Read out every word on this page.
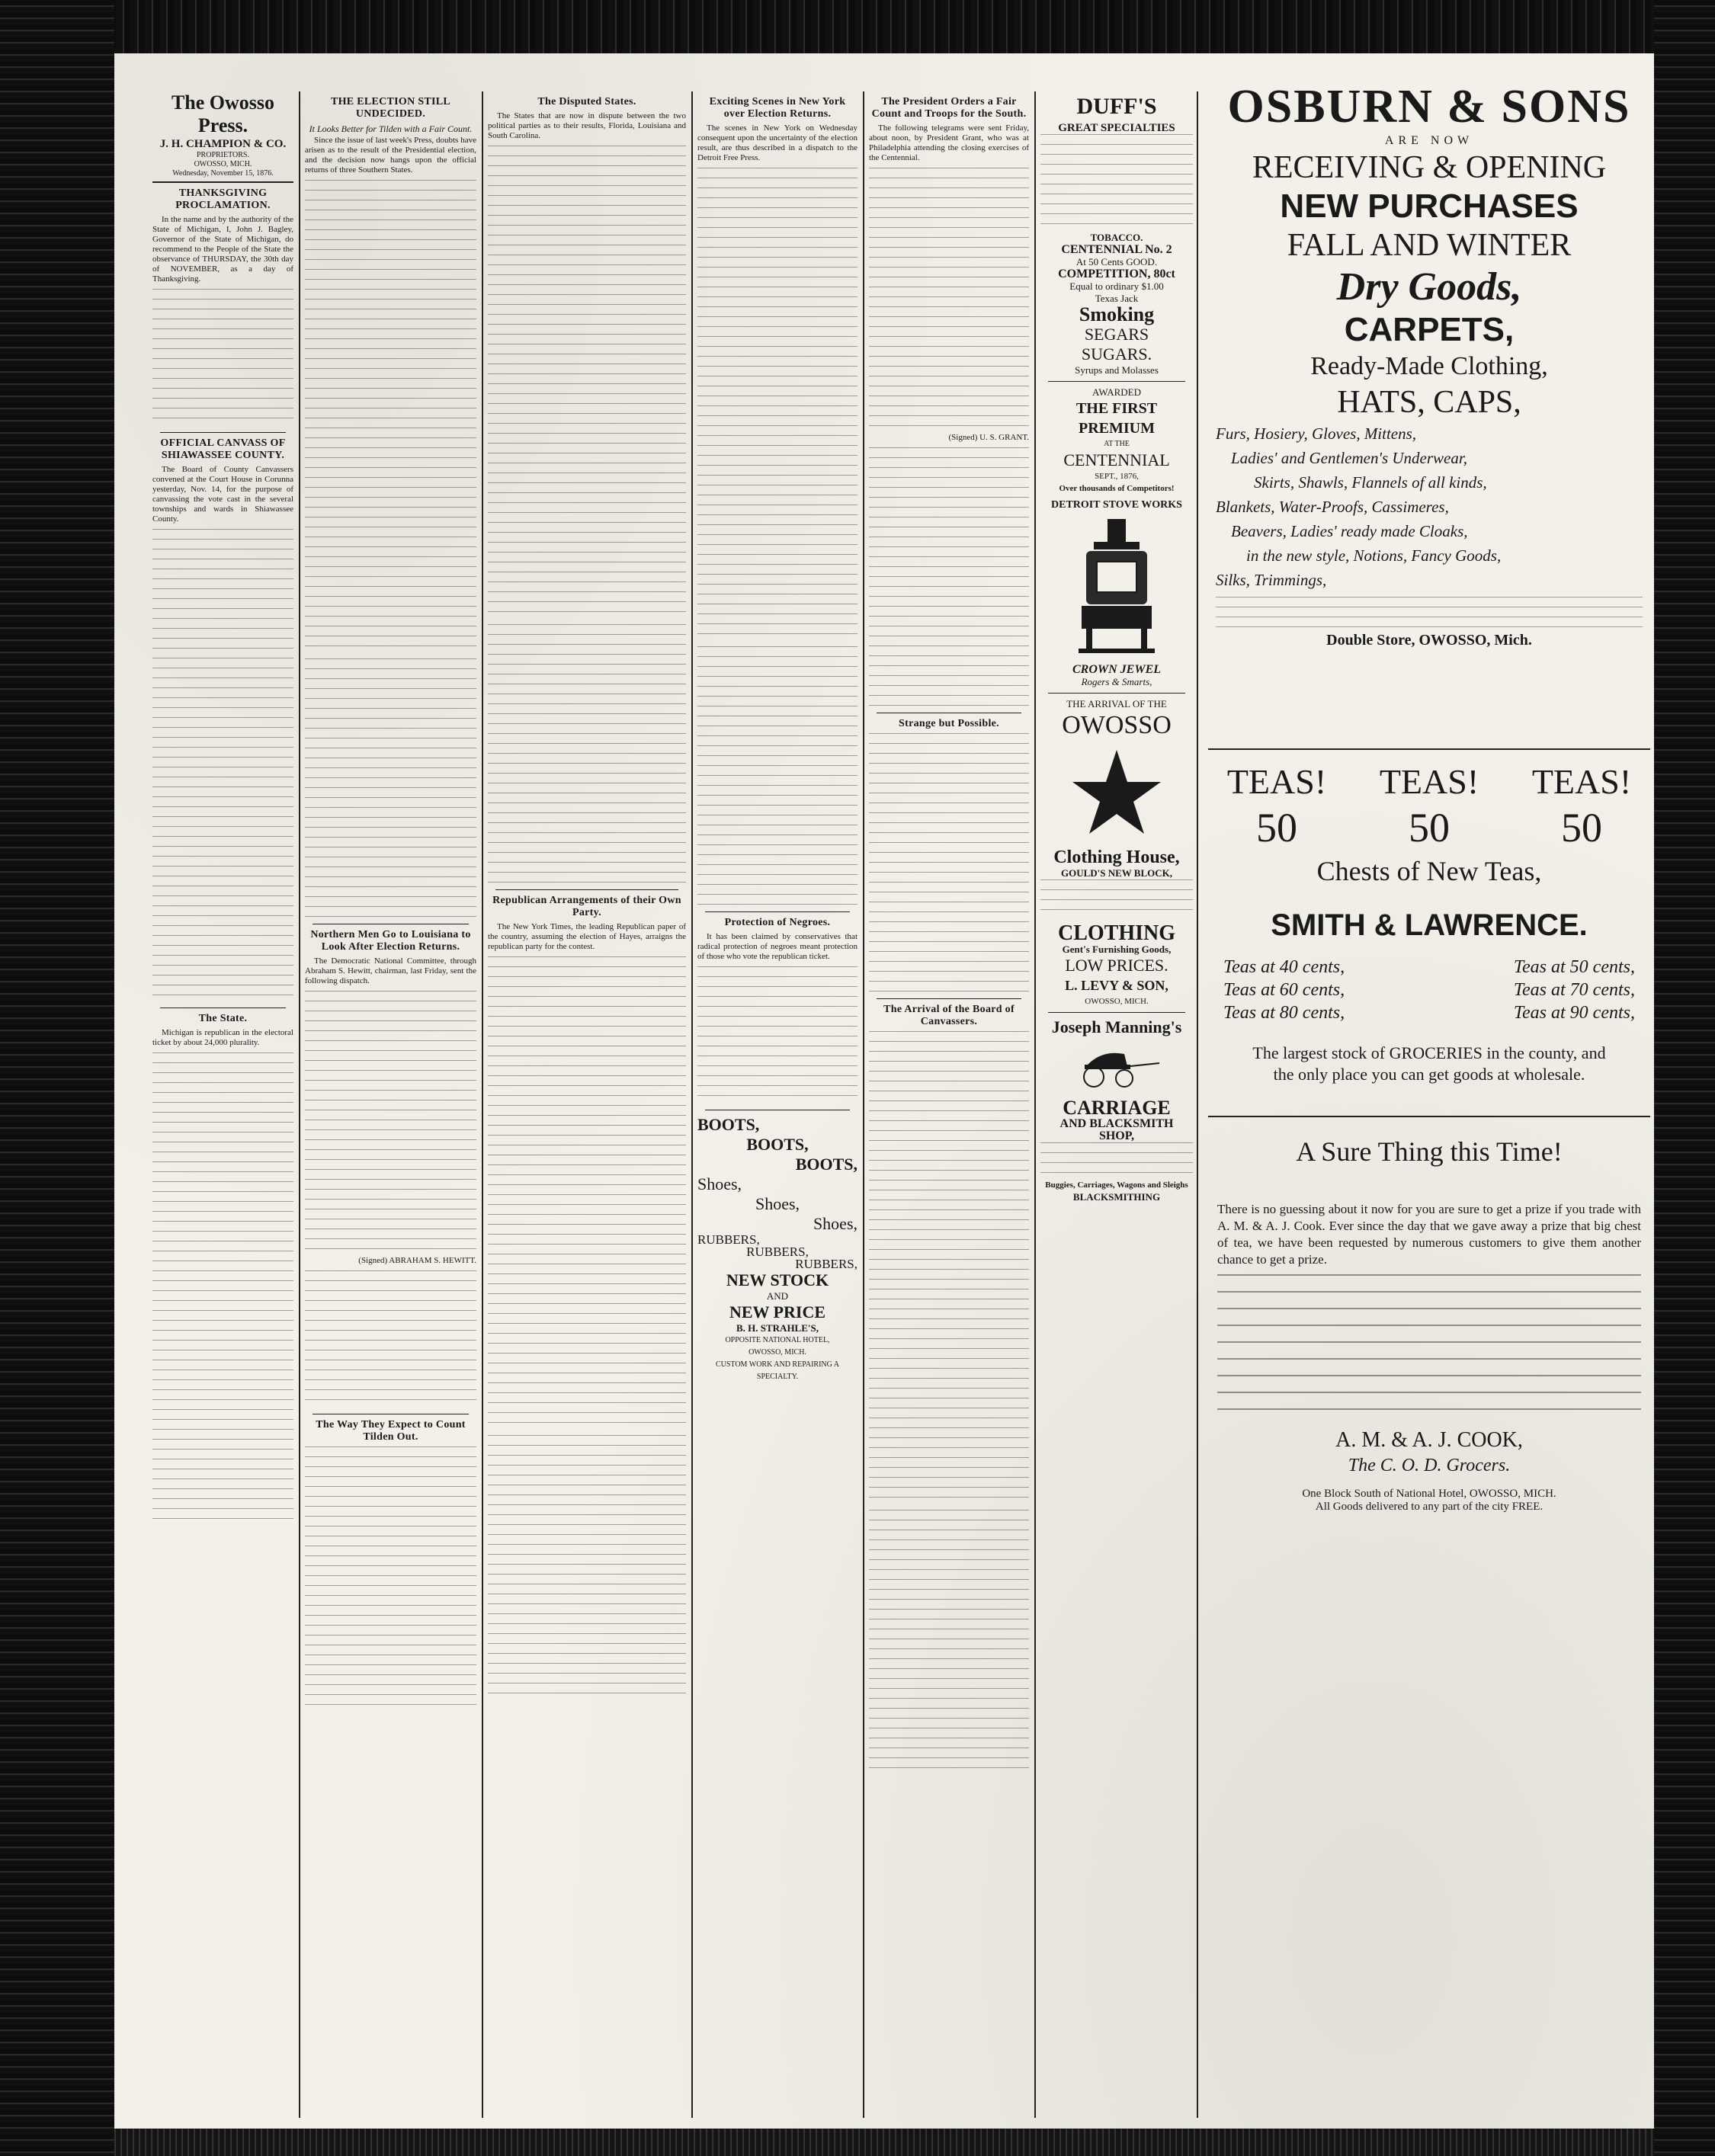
The Owosso Press.
J. H. CHAMPION & CO.
PROPRIETORS.
OWOSSO, MICH.
Wednesday, November 15, 1876.
THANKSGIVING PROCLAMATION.

In the name and by the authority of the State of Michigan, I, John J. Bagley, Governor of the State of Michigan, do recommend to the People of the State the observance of THURSDAY, the 30th day of NOVEMBER, as a day of Thanksgiving.

OFFICIAL CANVASS OF SHIAWASSEE COUNTY.

The Board of County Canvassers convened at the Court House in Corunna yesterday, Nov. 14, for the purpose of canvassing the vote cast in the several townships and wards in Shiawassee County.

The State.

Michigan is republican in the electoral ticket by about 24,000 plurality.

THE ELECTION STILL UNDECIDED.
It Looks Better for Tilden with a Fair Count.

Since the issue of last week's Press, doubts have arisen as to the result of the Presidential election, and the decision now hangs upon the official returns of three Southern States.

Northern Men Go to Louisiana to Look After Election Returns.

The Democratic National Committee, through Abraham S. Hewitt, chairman, last Friday, sent the following dispatch.

(Signed) ABRAHAM S. HEWITT.

The Way They Expect to Count Tilden Out.
The Disputed States.

The States that are now in dispute between the two political parties as to their results, Florida, Louisiana and South Carolina.

Republican Arrangements of their Own Party.

The New York Times, the leading Republican paper of the country, assuming the election of Hayes, arraigns the republican party for the contest.

Exciting Scenes in New York over Election Returns.

The scenes in New York on Wednesday consequent upon the uncertainty of the election result, are thus described in a dispatch to the Detroit Free Press.

Protection of Negroes.

It has been claimed by conservatives that radical protection of negroes meant protection of those who vote the republican ticket.

BOOTS,
BOOTS,
BOOTS,
Shoes,
Shoes,
Shoes,
RUBBERS,
RUBBERS,
RUBBERS,
NEW STOCK
AND
NEW PRICE
B. H. STRAHLE'S,
OPPOSITE NATIONAL HOTEL,
OWOSSO, MICH.
CUSTOM WORK AND REPAIRING A SPECIALTY.
The President Orders a Fair Count and Troops for the South.

The following telegrams were sent Friday, about noon, by President Grant, who was at Philadelphia attending the closing exercises of the Centennial.

(Signed) U. S. GRANT.

Strange but Possible.
The Arrival of the Board of Canvassers.
DUFF'S
GREAT SPECIALTIES
TOBACCO.
CENTENNIAL No. 2
At 50 Cents GOOD.
COMPETITION, 80ct
Equal to ordinary $1.00
Texas Jack
Smoking
SEGARS
SUGARS.
Syrups and Molasses
AWARDED
THE FIRST PREMIUM
AT THE
CENTENNIAL
SEPT., 1876,
Over thousands of Competitors!
DETROIT STOVE WORKS
CROWN JEWEL
Rogers & Smarts,
THE ARRIVAL OF THE
OWOSSO
Clothing House,
GOULD'S NEW BLOCK,
CLOTHING
Gent's Furnishing Goods,
LOW PRICES.
L. LEVY & SON,
OWOSSO, MICH.
Joseph Manning's
CARRIAGE
AND BLACKSMITH
SHOP,
Buggies, Carriages, Wagons and Sleighs
BLACKSMITHING
OSBURN & SONS
ARE NOW
RECEIVING & OPENING
NEW PURCHASES
FALL AND WINTER
Dry Goods,
CARPETS,
Ready-Made Clothing,
HATS, CAPS,
Furs, Hosiery, Gloves, Mittens,
Ladies' and Gentlemen's Underwear,
Skirts, Shawls, Flannels of all kinds,
Blankets, Water-Proofs, Cassimeres,
Beavers, Ladies' ready made Cloaks,
in the new style, Notions, Fancy Goods,
Silks, Trimmings,
Double Store, OWOSSO, Mich.
TEAS! TEAS! TEAS!
50	50	50
Chests of New Teas,
SMITH & LAWRENCE.
Teas at 40 cents,	Teas at 50 cents,
Teas at 60 cents,	Teas at 70 cents,
Teas at 80 cents,	Teas at 90 cents,
The largest stock of GROCERIES in the county, and the only place you can get goods at wholesale.
A Sure Thing this Time!
There is no guessing about it now for you are sure to get a prize if you trade with A. M. & A. J. Cook. Ever since the day that we gave away a prize that big chest of tea, we have been requested by numerous customers to give them another chance to get a prize.
A. M. & A. J. COOK,
The C. O. D. Grocers.
One Block South of National Hotel, OWOSSO, MICH.
All Goods delivered to any part of the city FREE.
